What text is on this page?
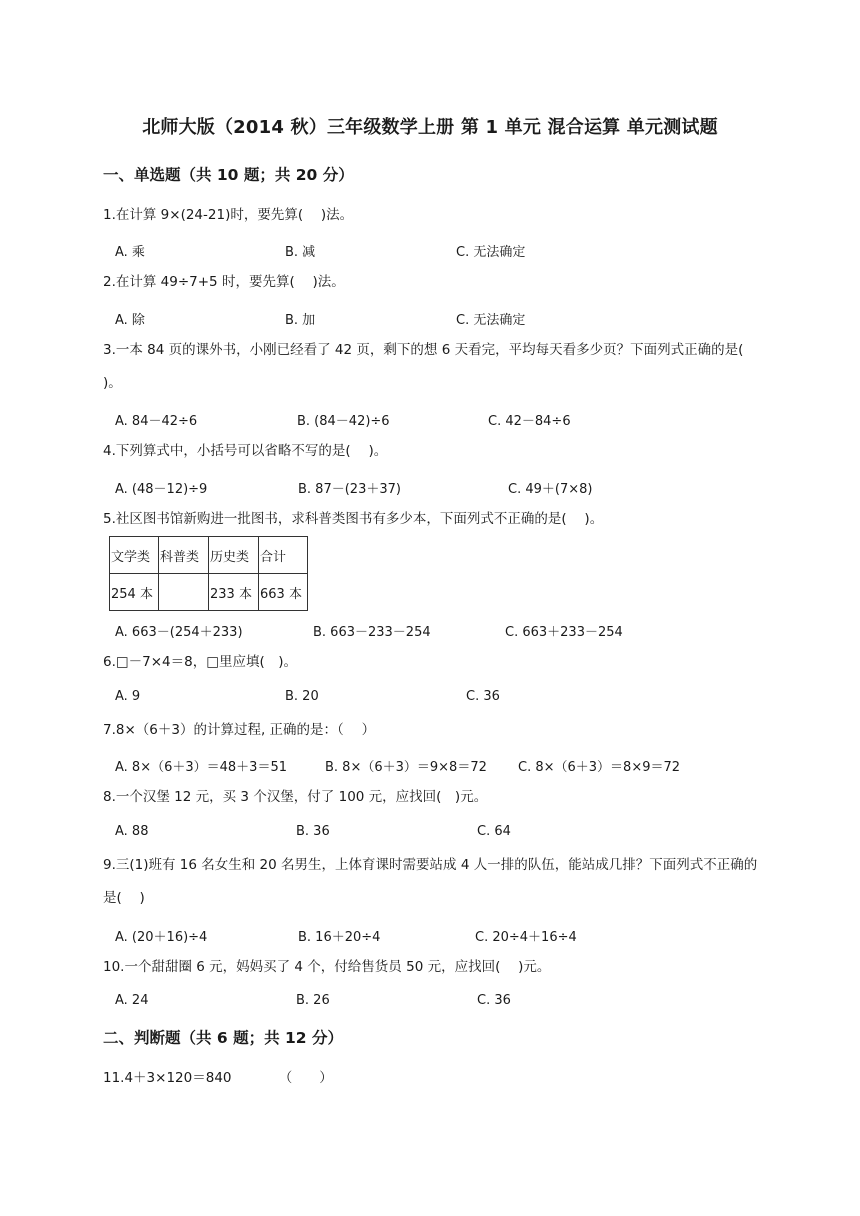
北师大版（2014 秋）三年级数学上册 第 1 单元 混合运算 单元测试题
一、单选题（共 10 题；共 20 分）
1.在计算 9×(24-21)时，要先算(　 )法。
A. 乘	B. 减	C. 无法确定
2.在计算 49÷7+5 时，要先算(　 )法。
A. 除	B. 加	C. 无法确定
3.一本 84 页的课外书，小刚已经看了 42 页，剩下的想 6 天看完，平均每天看多少页？下面列式正确的是(　 )。
A. 84－42÷6	B. (84－42)÷6	C. 42－84÷6
4.下列算式中，小括号可以省略不写的是(　 )。
A. (48－12)÷9	B. 87－(23＋37)	C. 49＋(7×8)
5.社区图书馆新购进一批图书，求科普类图书有多少本，下面列式不正确的是(　 )。
文学类	科普类	历史类	合计
254 本		233 本	663 本
A. 663－(254＋233)	B. 663－233－254	C. 663＋233－254
6.□－7×4＝8，□里应填(　)。
A. 9	B. 20	C. 36
7.8×（6＋3）的计算过程, 正确的是：（　 ）
A. 8×（6＋3）＝48＋3＝51	B. 8×（6＋3）＝9×8＝72 C. 8×（6＋3）＝8×9＝72
8.一个汉堡 12 元，买 3 个汉堡，付了 100 元，应找回(　)元。
A. 88	B. 36	C. 64
9.三(1)班有 16 名女生和 20 名男生，上体育课时需要站成 4 人一排的队伍，能站成几排？下面列式不正确的是(　 )
A. (20＋16)÷4	B. 16＋20÷4	C. 20÷4＋16÷4
10.一个甜甜圈 6 元，妈妈买了 4 个，付给售货员 50 元，应找回(　 )元。
A. 24	B. 26	C. 36
二、判断题（共 6 题；共 12 分）
11.4＋3×120＝840　　　　（　　）
